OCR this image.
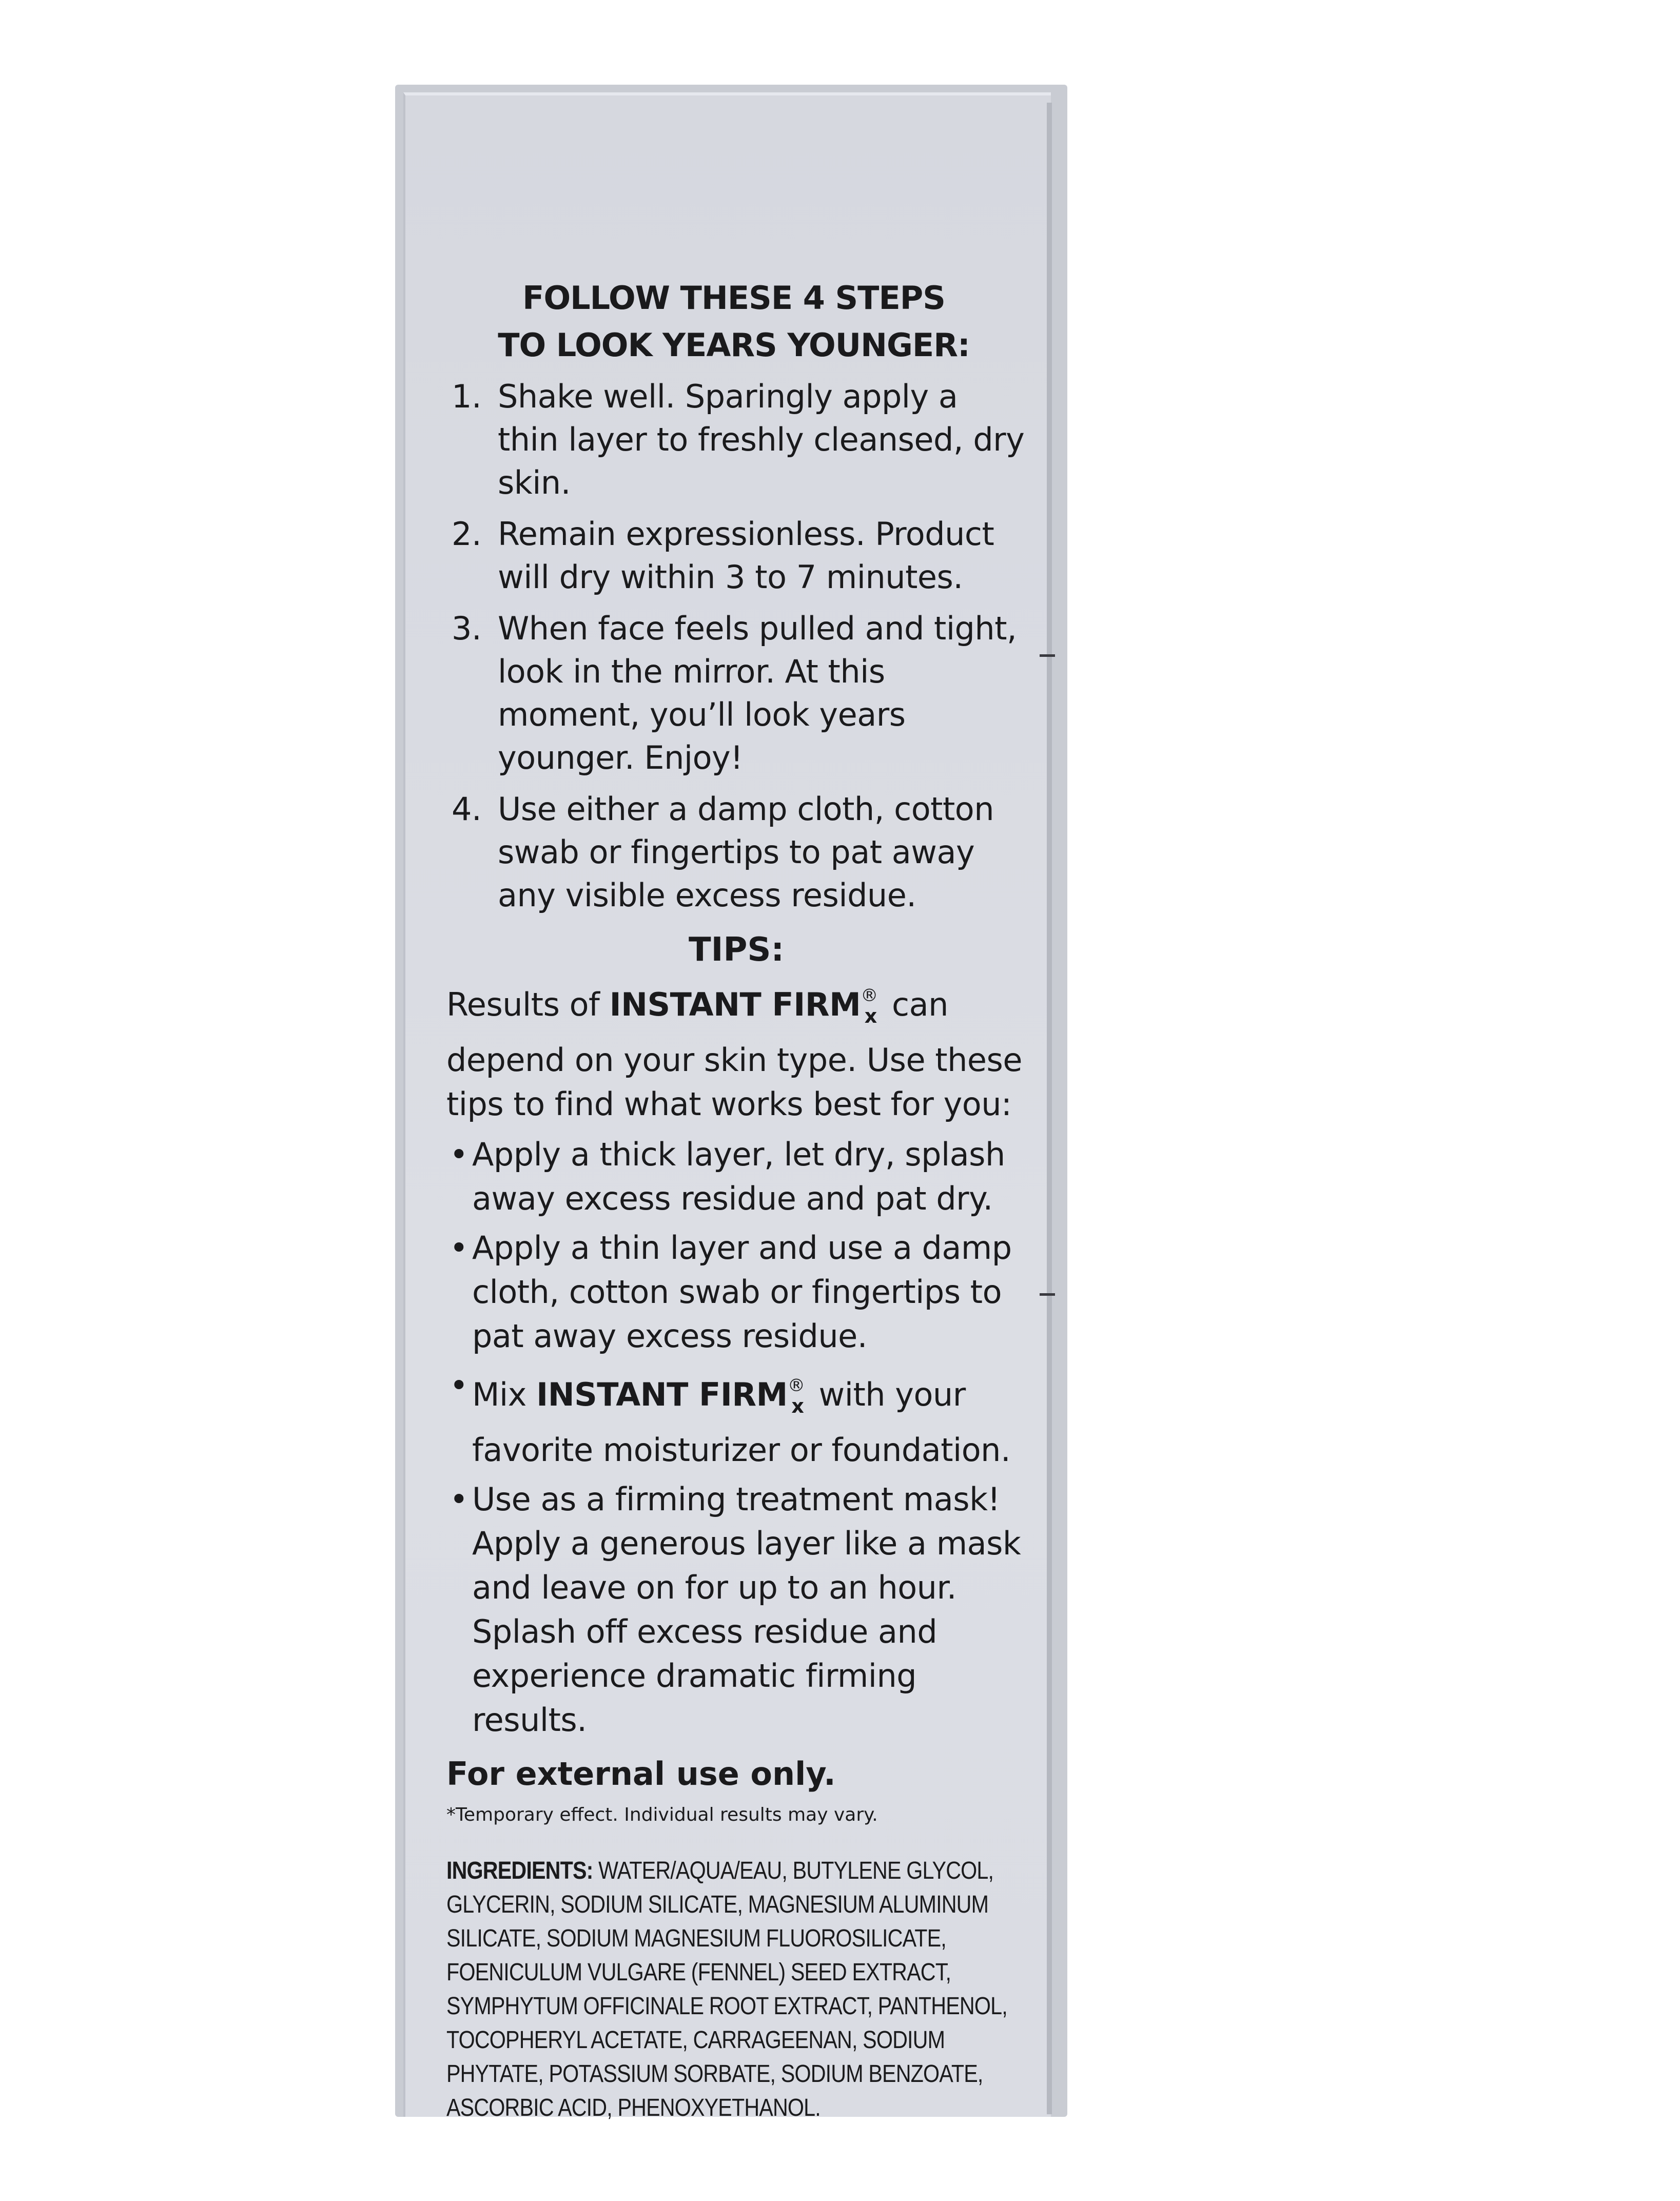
FOLLOW THESE 4 STEPS
TO LOOK YEARS YOUNGER:
1. Shake well. Sparingly apply a thin layer to freshly cleansed, dry skin.
2. Remain expressionless. Product will dry within 3 to 7 minutes.
3. When face feels pulled and tight, look in the mirror. At this moment, you’ll look years younger. Enjoy!
4. Use either a damp cloth, cotton swab or fingertips to pat away any visible excess residue.
TIPS:
Results of INSTANT $FIRM®_x$ can depend on your skin type. Use these tips to find what works best for you:
• Apply a thick layer, let dry, splash away excess residue and pat dry.
• Apply a thin layer and use a damp cloth, cotton swab or fingertips to pat away excess residue.
• Mix INSTANT $FIRM®_x$ with your favorite moisturizer or foundation.
• Use as a firming treatment mask! Apply a generous layer like a mask and leave on for up to an hour. Splash off excess residue and experience dramatic firming results.
For external use only.
*Temporary effect. Individual results may vary.
INGREDIENTS: WATER/AQUA/EAU, BUTYLENE GLYCOL, GLYCERIN, SODIUM SILICATE, MAGNESIUM ALUMINUM SILICATE, SODIUM MAGNESIUM FLUOROSILICATE, FOENICULUM VULGARE (FENNEL) SEED EXTRACT, SYMPHYTUM OFFICINALE ROOT EXTRACT, PANTHENOL, TOCOPHERYL ACETATE, CARRAGEENAN, SODIUM PHYTATE, POTASSIUM SORBATE, SODIUM BENZOATE, ASCORBIC ACID, PHENOXYETHANOL.
